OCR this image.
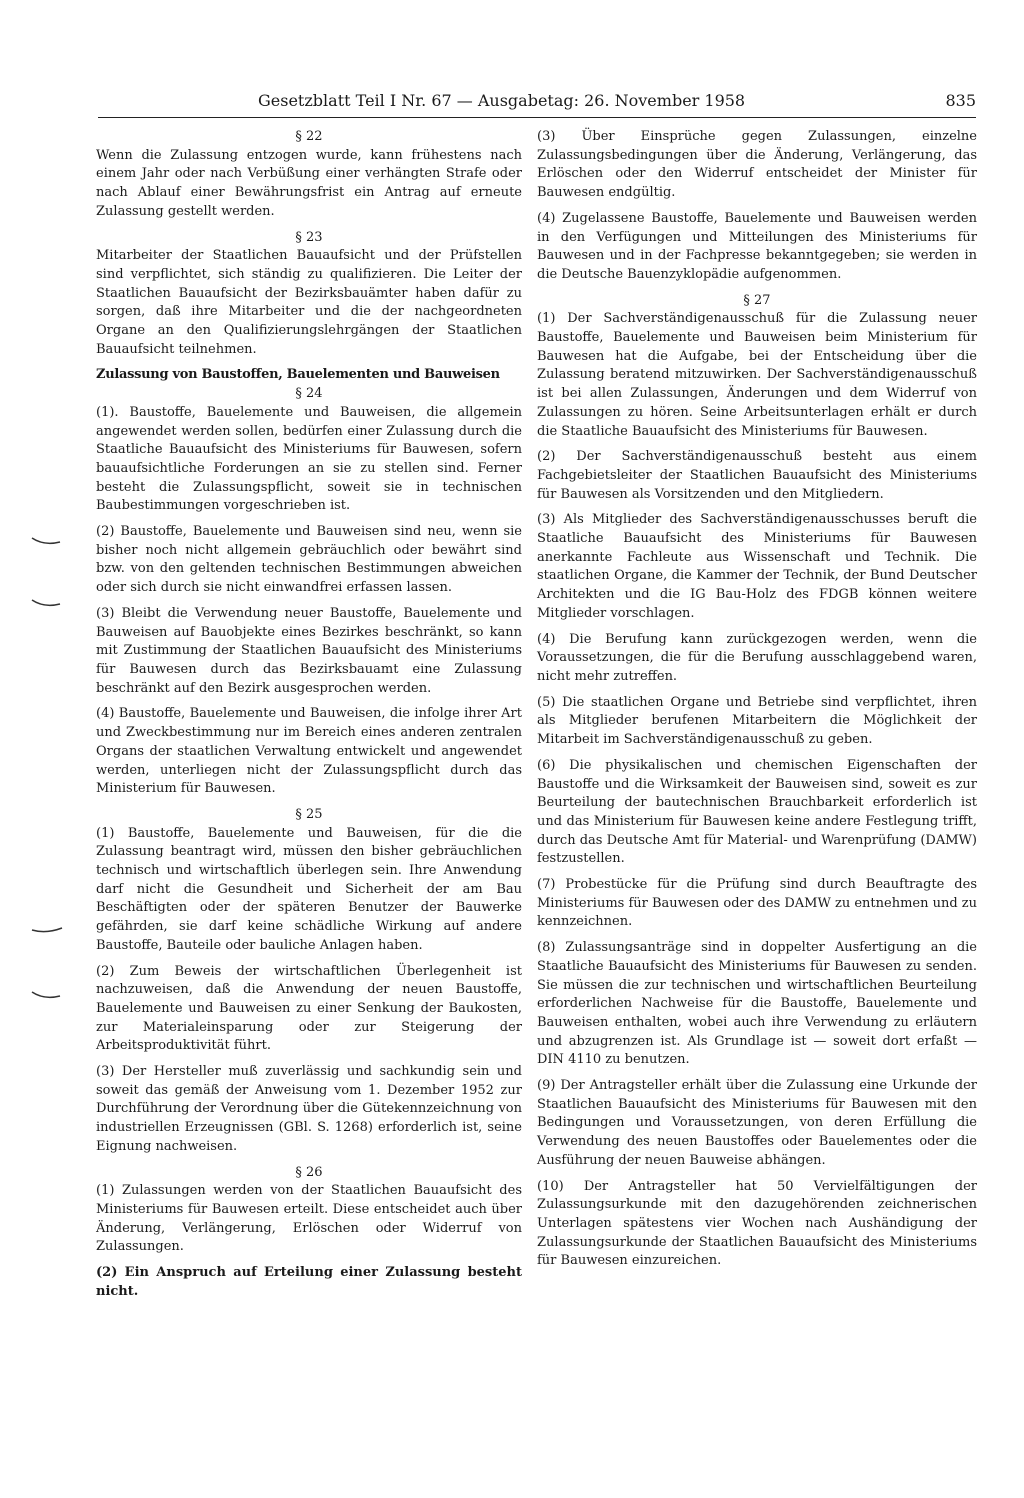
Gesetzblatt Teil I Nr. 67 — Ausgabetag: 26. November 1958	835

§ 22

Wenn die Zulassung entzogen wurde, kann frühestens nach einem Jahr oder nach Verbüßung einer verhängten Strafe oder nach Ablauf einer Bewährungsfrist ein Antrag auf erneute Zulassung gestellt werden.

§ 23

Mitarbeiter der Staatlichen Bauaufsicht und der Prüfstellen sind verpflichtet, sich ständig zu qualifizieren. Die Leiter der Staatlichen Bauaufsicht der Bezirksbauämter haben dafür zu sorgen, daß ihre Mitarbeiter und die der nachgeordneten Organe an den Qualifizierungslehrgängen der Staatlichen Bauaufsicht teilnehmen.

Zulassung von Baustoffen, Bauelementen und Bauweisen

§ 24

(1). Baustoffe, Bauelemente und Bauweisen, die allgemein angewendet werden sollen, bedürfen einer Zulassung durch die Staatliche Bauaufsicht des Ministeriums für Bauwesen, sofern bauaufsichtliche Forderungen an sie zu stellen sind. Ferner besteht die Zulassungspflicht, soweit sie in technischen Baubestimmungen vorgeschrieben ist.

(2) Baustoffe, Bauelemente und Bauweisen sind neu, wenn sie bisher noch nicht allgemein gebräuchlich oder bewährt sind bzw. von den geltenden technischen Bestimmungen abweichen oder sich durch sie nicht einwandfrei erfassen lassen.

(3) Bleibt die Verwendung neuer Baustoffe, Bauelemente und Bauweisen auf Bauobjekte eines Bezirkes beschränkt, so kann mit Zustimmung der Staatlichen Bauaufsicht des Ministeriums für Bauwesen durch das Bezirksbauamt eine Zulassung beschränkt auf den Bezirk ausgesprochen werden.

(4) Baustoffe, Bauelemente und Bauweisen, die infolge ihrer Art und Zweckbestimmung nur im Bereich eines anderen zentralen Organs der staatlichen Verwaltung entwickelt und angewendet werden, unterliegen nicht der Zulassungspflicht durch das Ministerium für Bauwesen.

§ 25

(1) Baustoffe, Bauelemente und Bauweisen, für die die Zulassung beantragt wird, müssen den bisher gebräuchlichen technisch und wirtschaftlich überlegen sein. Ihre Anwendung darf nicht die Gesundheit und Sicherheit der am Bau Beschäftigten oder der späteren Benutzer der Bauwerke gefährden, sie darf keine schädliche Wirkung auf andere Baustoffe, Bauteile oder bauliche Anlagen haben.

(2) Zum Beweis der wirtschaftlichen Überlegenheit ist nachzuweisen, daß die Anwendung der neuen Baustoffe, Bauelemente und Bauweisen zu einer Senkung der Baukosten, zur Materialeinsparung oder zur Steigerung der Arbeitsproduktivität führt.

(3) Der Hersteller muß zuverlässig und sachkundig sein und soweit das gemäß der Anweisung vom 1. Dezember 1952 zur Durchführung der Verordnung über die Gütekennzeichnung von industriellen Erzeugnissen (GBl. S. 1268) erforderlich ist, seine Eignung nachweisen.

§ 26

(1) Zulassungen werden von der Staatlichen Bauaufsicht des Ministeriums für Bauwesen erteilt. Diese entscheidet auch über Änderung, Verlängerung, Erlöschen oder Widerruf von Zulassungen.

(2) Ein Anspruch auf Erteilung einer Zulassung besteht nicht.

(3) Über Einsprüche gegen Zulassungen, einzelne Zulassungsbedingungen über die Änderung, Verlängerung, das Erlöschen oder den Widerruf entscheidet der Minister für Bauwesen endgültig.

(4) Zugelassene Baustoffe, Bauelemente und Bauweisen werden in den Verfügungen und Mitteilungen des Ministeriums für Bauwesen und in der Fachpresse bekanntgegeben; sie werden in die Deutsche Bauenzyklopädie aufgenommen.

§ 27

(1) Der Sachverständigenausschuß für die Zulassung neuer Baustoffe, Bauelemente und Bauweisen beim Ministerium für Bauwesen hat die Aufgabe, bei der Entscheidung über die Zulassung beratend mitzuwirken. Der Sachverständigenausschuß ist bei allen Zulassungen, Änderungen und dem Widerruf von Zulassungen zu hören. Seine Arbeitsunterlagen erhält er durch die Staatliche Bauaufsicht des Ministeriums für Bauwesen.

(2) Der Sachverständigenausschuß besteht aus einem Fachgebietsleiter der Staatlichen Bauaufsicht des Ministeriums für Bauwesen als Vorsitzenden und den Mitgliedern.

(3) Als Mitglieder des Sachverständigenausschusses beruft die Staatliche Bauaufsicht des Ministeriums für Bauwesen anerkannte Fachleute aus Wissenschaft und Technik. Die staatlichen Organe, die Kammer der Technik, der Bund Deutscher Architekten und die IG Bau-Holz des FDGB können weitere Mitglieder vorschlagen.

(4) Die Berufung kann zurückgezogen werden, wenn die Voraussetzungen, die für die Berufung ausschlaggebend waren, nicht mehr zutreffen.

(5) Die staatlichen Organe und Betriebe sind verpflichtet, ihren als Mitglieder berufenen Mitarbeitern die Möglichkeit der Mitarbeit im Sachverständigenausschuß zu geben.

(6) Die physikalischen und chemischen Eigenschaften der Baustoffe und die Wirksamkeit der Bauweisen sind, soweit es zur Beurteilung der bautechnischen Brauchbarkeit erforderlich ist und das Ministerium für Bauwesen keine andere Festlegung trifft, durch das Deutsche Amt für Material- und Warenprüfung (DAMW) festzustellen.

(7) Probestücke für die Prüfung sind durch Beauftragte des Ministeriums für Bauwesen oder des DAMW zu entnehmen und zu kennzeichnen.

(8) Zulassungsanträge sind in doppelter Ausfertigung an die Staatliche Bauaufsicht des Ministeriums für Bauwesen zu senden. Sie müssen die zur technischen und wirtschaftlichen Beurteilung erforderlichen Nachweise für die Baustoffe, Bauelemente und Bauweisen enthalten, wobei auch ihre Verwendung zu erläutern und abzugrenzen ist. Als Grundlage ist — soweit dort erfaßt — DIN 4110 zu benutzen.

(9) Der Antragsteller erhält über die Zulassung eine Urkunde der Staatlichen Bauaufsicht des Ministeriums für Bauwesen mit den Bedingungen und Voraussetzungen, von deren Erfüllung die Verwendung des neuen Baustoffes oder Bauelementes oder die Ausführung der neuen Bauweise abhängen.

(10) Der Antragsteller hat 50 Vervielfältigungen der Zulassungsurkunde mit den dazugehörenden zeichnerischen Unterlagen spätestens vier Wochen nach Aushändigung der Zulassungsurkunde der Staatlichen Bauaufsicht des Ministeriums für Bauwesen einzureichen.
